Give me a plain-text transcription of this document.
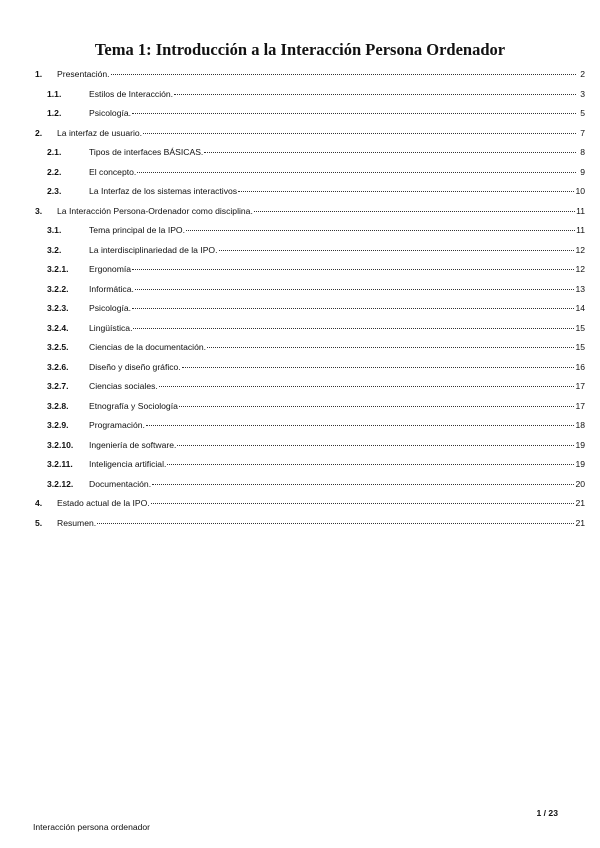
Tema 1: Introducción a la Interacción Persona Ordenador
1.	Presentación.	2
1.1.	Estilos de Interacción.	3
1.2.	Psicología.	5
2.	La interfaz de usuario.	7
2.1.	Tipos de interfaces BÁSICAS.	8
2.2.	El concepto.	9
2.3.	La Interfaz de los sistemas interactivos	10
3.	La Interacción Persona-Ordenador como disciplina.	11
3.1.	Tema principal de la IPO.	11
3.2.	La interdisciplinariedad de la IPO.	12
3.2.1.	Ergonomía	12
3.2.2.	Informática.	13
3.2.3.	Psicología.	14
3.2.4.	Lingüística.	15
3.2.5.	Ciencias de la documentación.	15
3.2.6.	Diseño y diseño gráfico.	16
3.2.7.	Ciencias sociales.	17
3.2.8.	Etnografía y Sociología	17
3.2.9.	Programación.	18
3.2.10.	Ingeniería de software.	19
3.2.11.	Inteligencia artificial.	19
3.2.12.	Documentación.	20
4.	Estado actual de la IPO.	21
5.	Resumen.	21
1 / 23
Interacción persona ordenador
